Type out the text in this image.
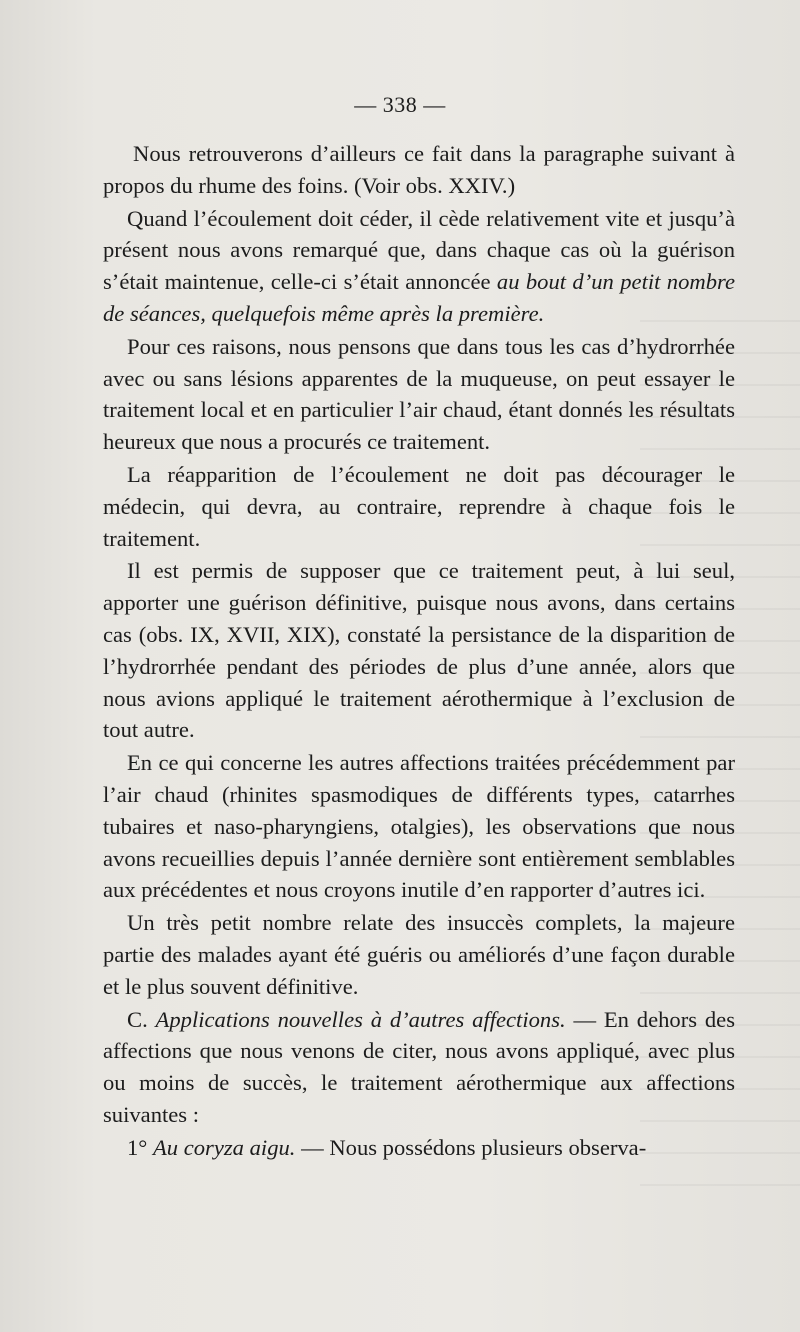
— 338 —

Nous retrouverons d’ailleurs ce fait dans la paragraphe suivant à propos du rhume des foins. (Voir obs. XXIV.)

Quand l’écoulement doit céder, il cède relativement vite et jusqu’à présent nous avons remarqué que, dans chaque cas où la guérison s’était maintenue, celle-ci s’était annoncée au bout d’un petit nombre de séances, quelquefois même après la première.

Pour ces raisons, nous pensons que dans tous les cas d’hydrorrhée avec ou sans lésions apparentes de la muqueuse, on peut essayer le traitement local et en particulier l’air chaud, étant donnés les résultats heureux que nous a procurés ce traitement.

La réapparition de l’écoulement ne doit pas décourager le médecin, qui devra, au contraire, reprendre à chaque fois le traitement.

Il est permis de supposer que ce traitement peut, à lui seul, apporter une guérison définitive, puisque nous avons, dans certains cas (obs. IX, XVII, XIX), constaté la persistance de la disparition de l’hydrorrhée pendant des périodes de plus d’une année, alors que nous avions appliqué le traitement aérothermique à l’exclusion de tout autre.

En ce qui concerne les autres affections traitées précédemment par l’air chaud (rhinites spasmodiques de différents types, catarrhes tubaires et naso-pharyngiens, otalgies), les observations que nous avons recueillies depuis l’année dernière sont entièrement semblables aux précédentes et nous croyons inutile d’en rapporter d’autres ici.

Un très petit nombre relate des insuccès complets, la majeure partie des malades ayant été guéris ou améliorés d’une façon durable et le plus souvent définitive.

C. Applications nouvelles à d’autres affections. — En dehors des affections que nous venons de citer, nous avons appliqué, avec plus ou moins de succès, le traitement aérothermique aux affections suivantes :

1° Au coryza aigu. — Nous possédons plusieurs observa-
